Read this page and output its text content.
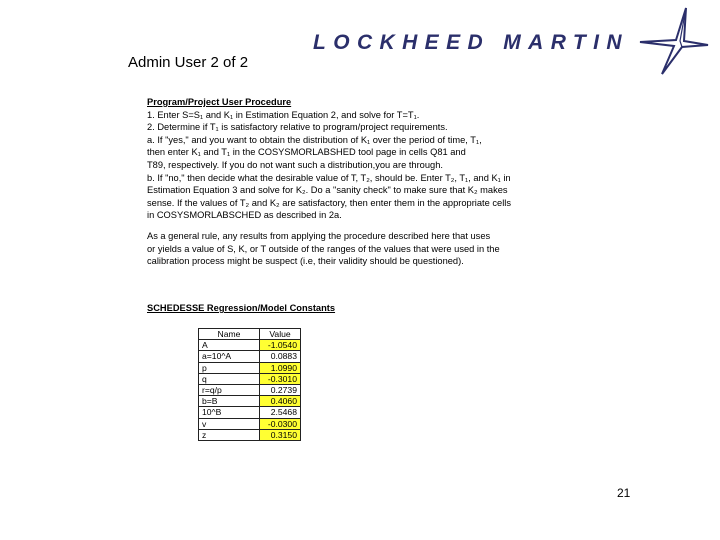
Admin User 2 of 2
LOCKHEED MARTIN

Program/Project User Procedure

1. Enter S=S₁ and K₁ in Estimation Equation 2, and solve for T=T₁.

2. Determine if T₁ is satisfactory relative to program/project requirements.

a. If "yes," and you want to obtain the distribution of K₁ over the period of time, T₁,

then enter K₁ and T₁ in the COSYSMORLABSHED tool page in cells Q81 and

T89, respectively. If you do not want such a distribution,you are through.

b. If "no," then decide what the desirable value of T, T₂, should be. Enter T₂, T₁, and K₁ in

Estimation Equation 3 and solve for K₂. Do a "sanity check" to make sure that K₂ makes

sense. If the values of T₂ and K₂ are satisfactory, then enter them in the appropriate cells

in COSYSMORLABSCHED as described in 2a.

As a general rule, any results from applying the procedure described here that uses

or yields a value of S, K, or T outside of the ranges of the values that were used in the

calibration process might be suspect (i.e, their validity should be questioned).

SCHEDESSE Regression/Model Constants
Name	Value
A	-1.0540
a=10^A	0.0883
p	1.0990
q	-0.3010
r=q/p	0.2739
b=B	0.4060
10^B	2.5468
v	-0.0300
z	0.3150
21
